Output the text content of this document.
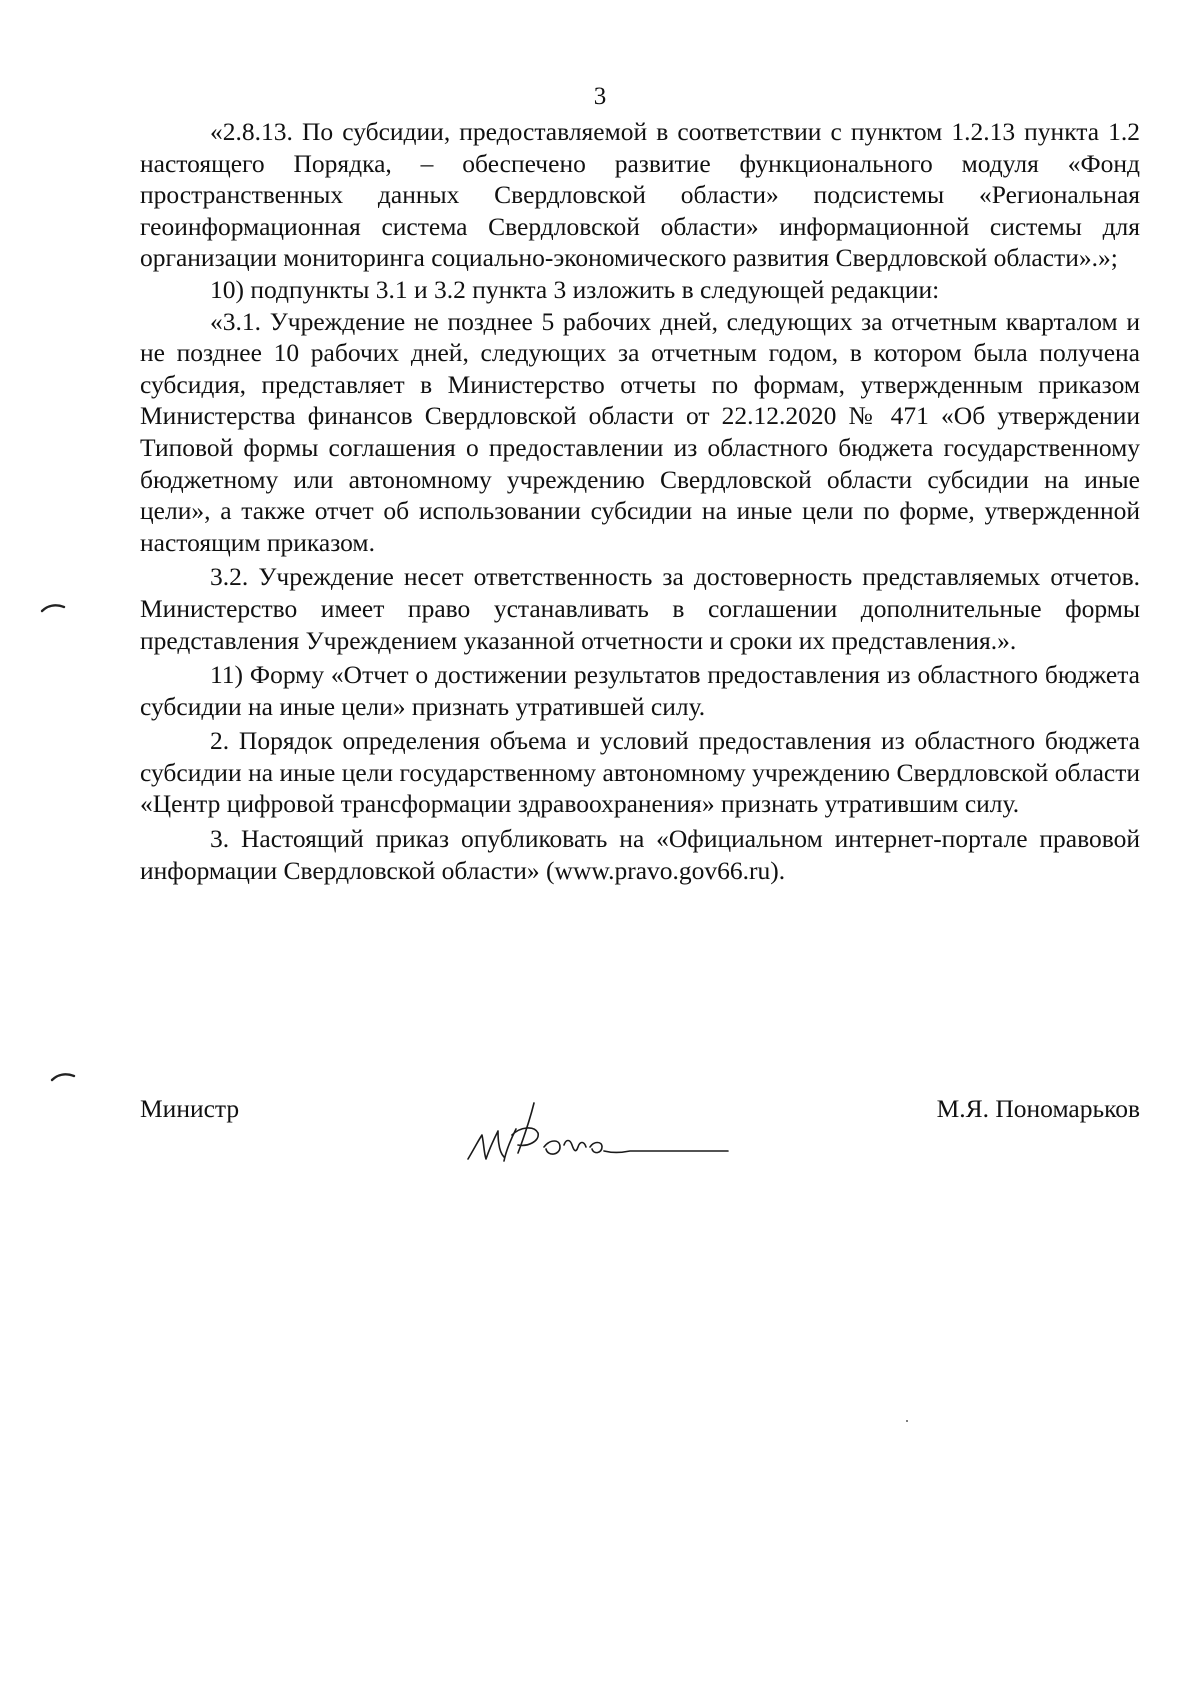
3

«2.8.13. По субсидии, предоставляемой в соответствии с пунктом 1.2.13 пункта 1.2 настоящего Порядка, – обеспечено развитие функционального модуля «Фонд пространственных данных Свердловской области» подсистемы «Региональная геоинформационная система Свердловской области» информационной системы для организации мониторинга социально-экономического развития Свердловской области».»;

10) подпункты 3.1 и 3.2 пункта 3 изложить в следующей редакции:

«3.1. Учреждение не позднее 5 рабочих дней, следующих за отчетным кварталом и не позднее 10 рабочих дней, следующих за отчетным годом, в котором была получена субсидия, представляет в Министерство отчеты по формам, утвержденным приказом Министерства финансов Свердловской области от 22.12.2020 № 471 «Об утверждении Типовой формы соглашения о предоставлении из областного бюджета государственному бюджетному или автономному учреждению Свердловской области субсидии на иные цели», а также отчет об использовании субсидии на иные цели по форме, утвержденной настоящим приказом.

3.2. Учреждение несет ответственность за достоверность представляемых отчетов. Министерство имеет право устанавливать в соглашении дополнительные формы представления Учреждением указанной отчетности и сроки их представления.».

11) Форму «Отчет о достижении результатов предоставления из областного бюджета субсидии на иные цели» признать утратившей силу.

2. Порядок определения объема и условий предоставления из областного бюджета субсидии на иные цели государственному автономному учреждению Свердловской области «Центр цифровой трансформации здравоохранения» признать утратившим силу.

3. Настоящий приказ опубликовать на «Официальном интернет-портале правовой информации Свердловской области» (www.pravo.gov66.ru).

Министр	М.Я. Пономарьков
